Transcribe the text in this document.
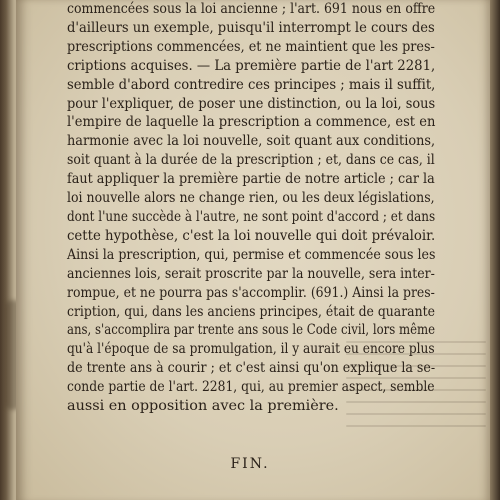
commencées sous la loi ancienne ; l'art. 691 nous en offre
d'ailleurs un exemple, puisqu'il interrompt le cours des
prescriptions commencées, et ne maintient que les pres-
criptions acquises. — La première partie de l'art 2281,
semble d'abord contredire ces principes ; mais il suffit,
pour l'expliquer, de poser une distinction, ou la loi, sous
l'empire de laquelle la prescription a commence, est en
harmonie avec la loi nouvelle, soit quant aux conditions,
soit quant à la durée de la prescription ; et, dans ce cas, il
faut appliquer la première partie de notre article ; car la
loi nouvelle alors ne change rien, ou les deux législations,
dont l'une succède à l'autre, ne sont point d'accord ; et dans
cette hypothèse, c'est la loi nouvelle qui doit prévaloir.
Ainsi la prescription, qui, permise et commencée sous les
anciennes lois, serait proscrite par la nouvelle, sera inter-
rompue, et ne pourra pas s'accomplir. (691.) Ainsi la pres-
cription, qui, dans les anciens principes, était de quarante
ans, s'accomplira par trente ans sous le Code civil, lors même
qu'à l'époque de sa promulgation, il y aurait eu encore plus
de trente ans à courir ; et c'est ainsi qu'on explique la se-
conde partie de l'art. 2281, qui, au premier aspect, semble
aussi en opposition avec la première.
FIN.
